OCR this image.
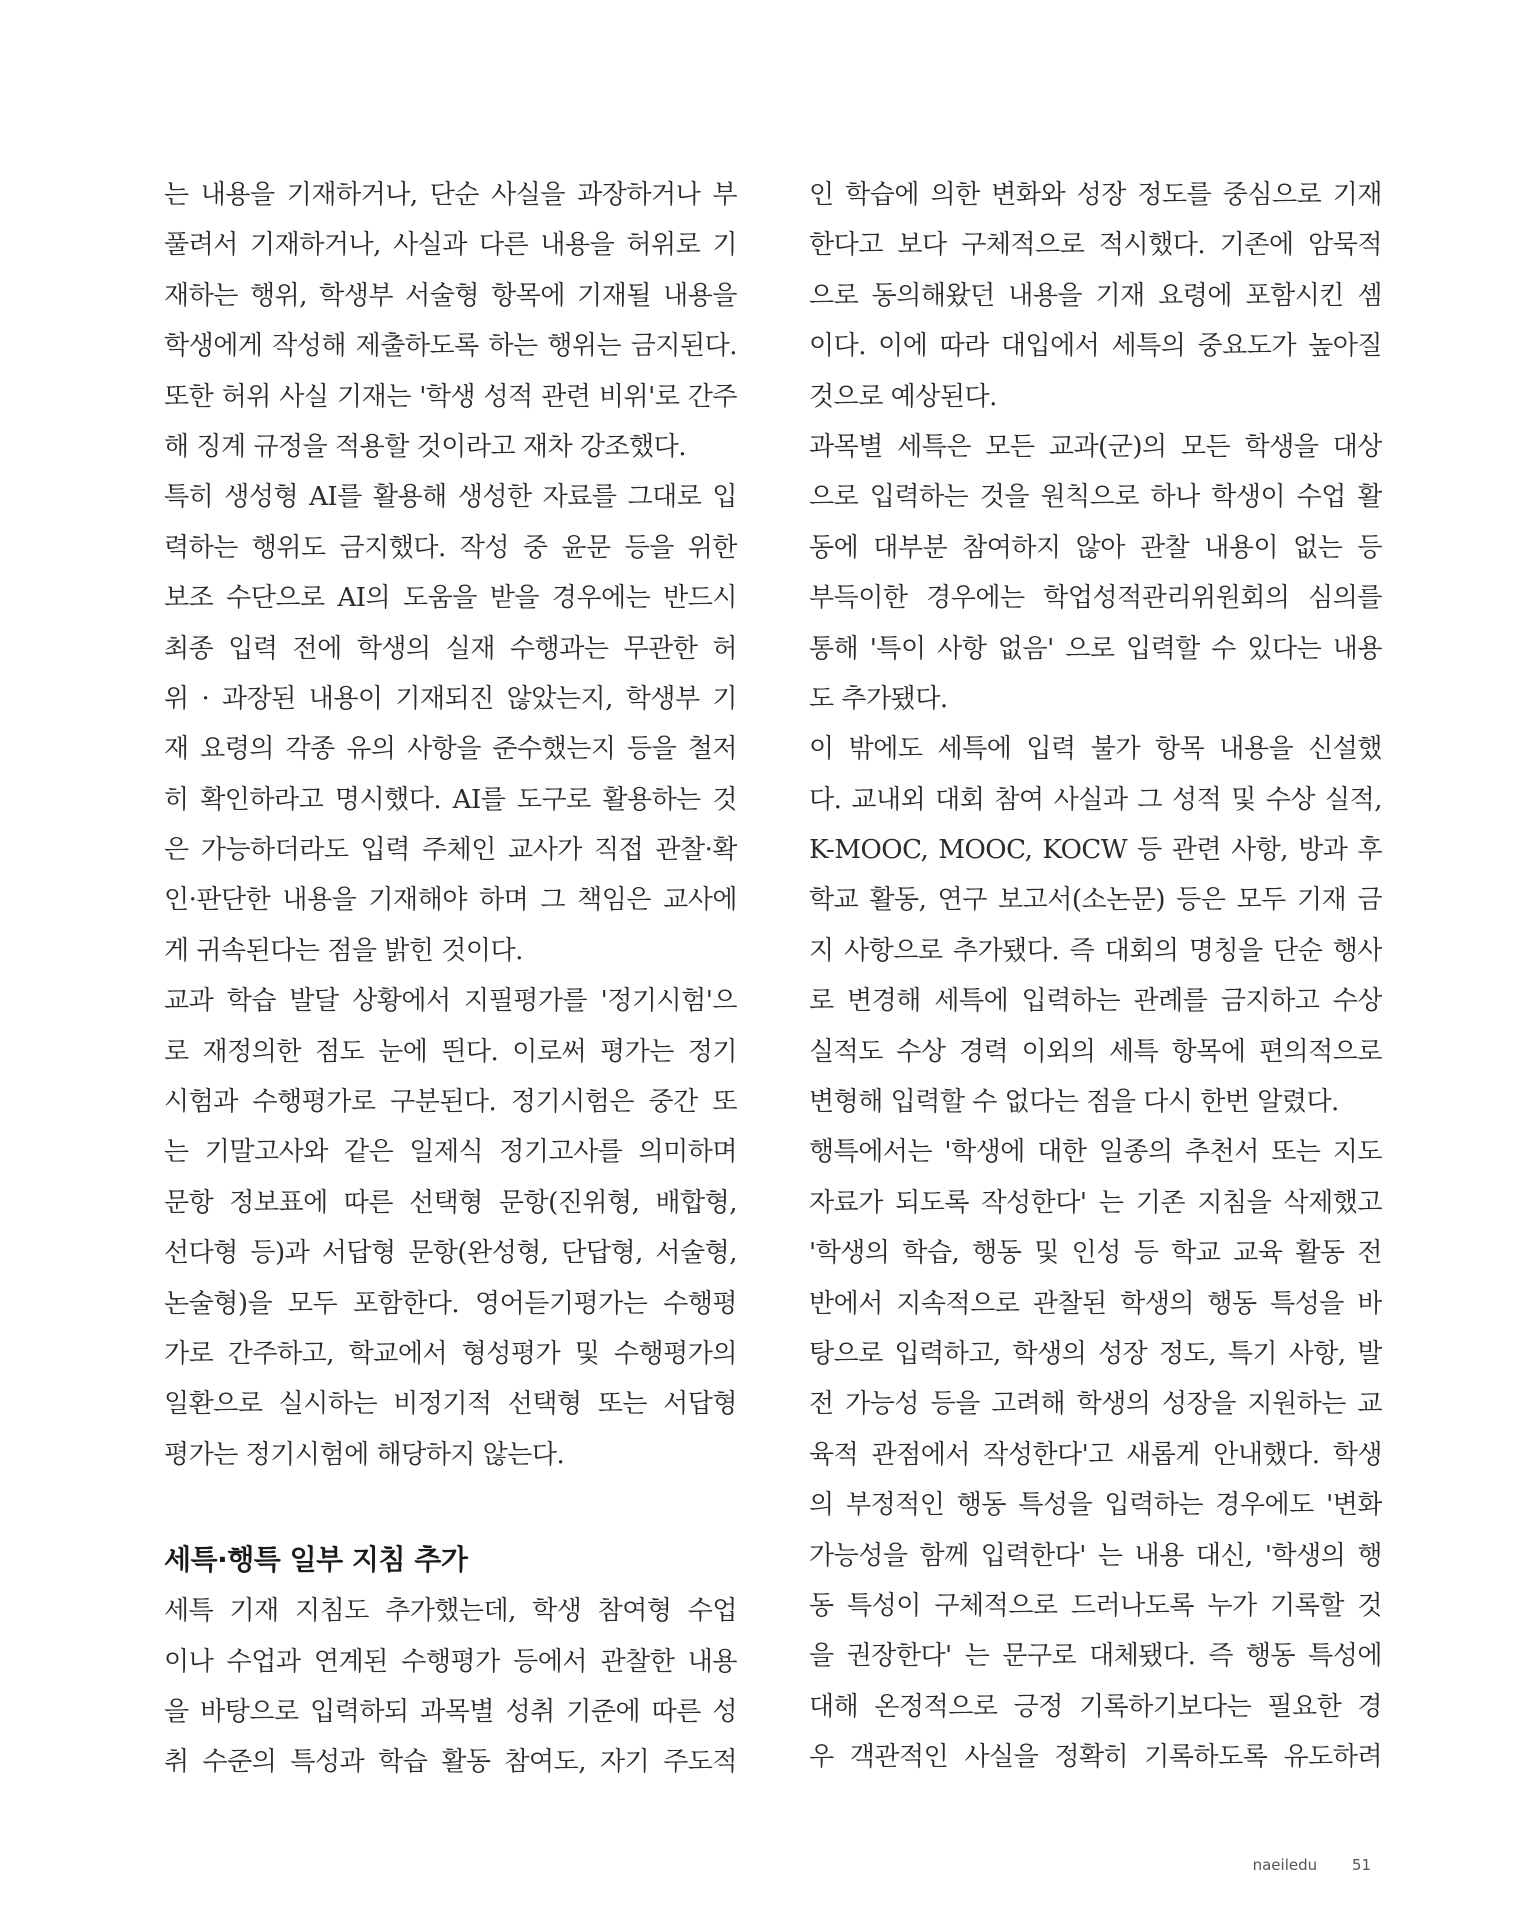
는 내용을 기재하거나, 단순 사실을 과장하거나 부
풀려서 기재하거나, 사실과 다른 내용을 허위로 기
재하는 행위, 학생부 서술형 항목에 기재될 내용을
학생에게 작성해 제출하도록 하는 행위는 금지된다.
또한 허위 사실 기재는 '학생 성적 관련 비위'로 간주
해 징계 규정을 적용할 것이라고 재차 강조했다.
특히 생성형 AI를 활용해 생성한 자료를 그대로 입
력하는 행위도 금지했다. 작성 중 윤문 등을 위한
보조 수단으로 AI의 도움을 받을 경우에는 반드시
최종 입력 전에 학생의 실재 수행과는 무관한 허
위 · 과장된 내용이 기재되진 않았는지, 학생부 기
재 요령의 각종 유의 사항을 준수했는지 등을 철저
히 확인하라고 명시했다. AI를 도구로 활용하는 것
은 가능하더라도 입력 주체인 교사가 직접 관찰·확
인·판단한 내용을 기재해야 하며 그 책임은 교사에
게 귀속된다는 점을 밝힌 것이다.
교과 학습 발달 상황에서 지필평가를 '정기시험'으
로 재정의한 점도 눈에 띈다. 이로써 평가는 정기
시험과 수행평가로 구분된다. 정기시험은 중간 또
는 기말고사와 같은 일제식 정기고사를 의미하며
문항 정보표에 따른 선택형 문항(진위형, 배합형,
선다형 등)과 서답형 문항(완성형, 단답형, 서술형,
논술형)을 모두 포함한다. 영어듣기평가는 수행평
가로 간주하고, 학교에서 형성평가 및 수행평가의
일환으로 실시하는 비정기적 선택형 또는 서답형
평가는 정기시험에 해당하지 않는다.
세특·행특 일부 지침 추가
세특 기재 지침도 추가했는데, 학생 참여형 수업
이나 수업과 연계된 수행평가 등에서 관찰한 내용
을 바탕으로 입력하되 과목별 성취 기준에 따른 성
취 수준의 특성과 학습 활동 참여도, 자기 주도적
인 학습에 의한 변화와 성장 정도를 중심으로 기재
한다고 보다 구체적으로 적시했다. 기존에 암묵적
으로 동의해왔던 내용을 기재 요령에 포함시킨 셈
이다. 이에 따라 대입에서 세특의 중요도가 높아질
것으로 예상된다.
과목별 세특은 모든 교과(군)의 모든 학생을 대상
으로 입력하는 것을 원칙으로 하나 학생이 수업 활
동에 대부분 참여하지 않아 관찰 내용이 없는 등
부득이한 경우에는 학업성적관리위원회의 심의를
통해 '특이 사항 없음' 으로 입력할 수 있다는 내용
도 추가됐다.
이 밖에도 세특에 입력 불가 항목 내용을 신설했
다. 교내외 대회 참여 사실과 그 성적 및 수상 실적,
K-MOOC, MOOC, KOCW 등 관련 사항, 방과 후
학교 활동, 연구 보고서(소논문) 등은 모두 기재 금
지 사항으로 추가됐다. 즉 대회의 명칭을 단순 행사
로 변경해 세특에 입력하는 관례를 금지하고 수상
실적도 수상 경력 이외의 세특 항목에 편의적으로
변형해 입력할 수 없다는 점을 다시 한번 알렸다.
행특에서는 '학생에 대한 일종의 추천서 또는 지도
자료가 되도록 작성한다' 는 기존 지침을 삭제했고
'학생의 학습, 행동 및 인성 등 학교 교육 활동 전
반에서 지속적으로 관찰된 학생의 행동 특성을 바
탕으로 입력하고, 학생의 성장 정도, 특기 사항, 발
전 가능성 등을 고려해 학생의 성장을 지원하는 교
육적 관점에서 작성한다'고 새롭게 안내했다. 학생
의 부정적인 행동 특성을 입력하는 경우에도 '변화
가능성을 함께 입력한다' 는 내용 대신, '학생의 행
동 특성이 구체적으로 드러나도록 누가 기록할 것
을 권장한다' 는 문구로 대체됐다. 즉 행동 특성에
대해 온정적으로 긍정 기록하기보다는 필요한 경
우 객관적인 사실을 정확히 기록하도록 유도하려
naeiledu 51
